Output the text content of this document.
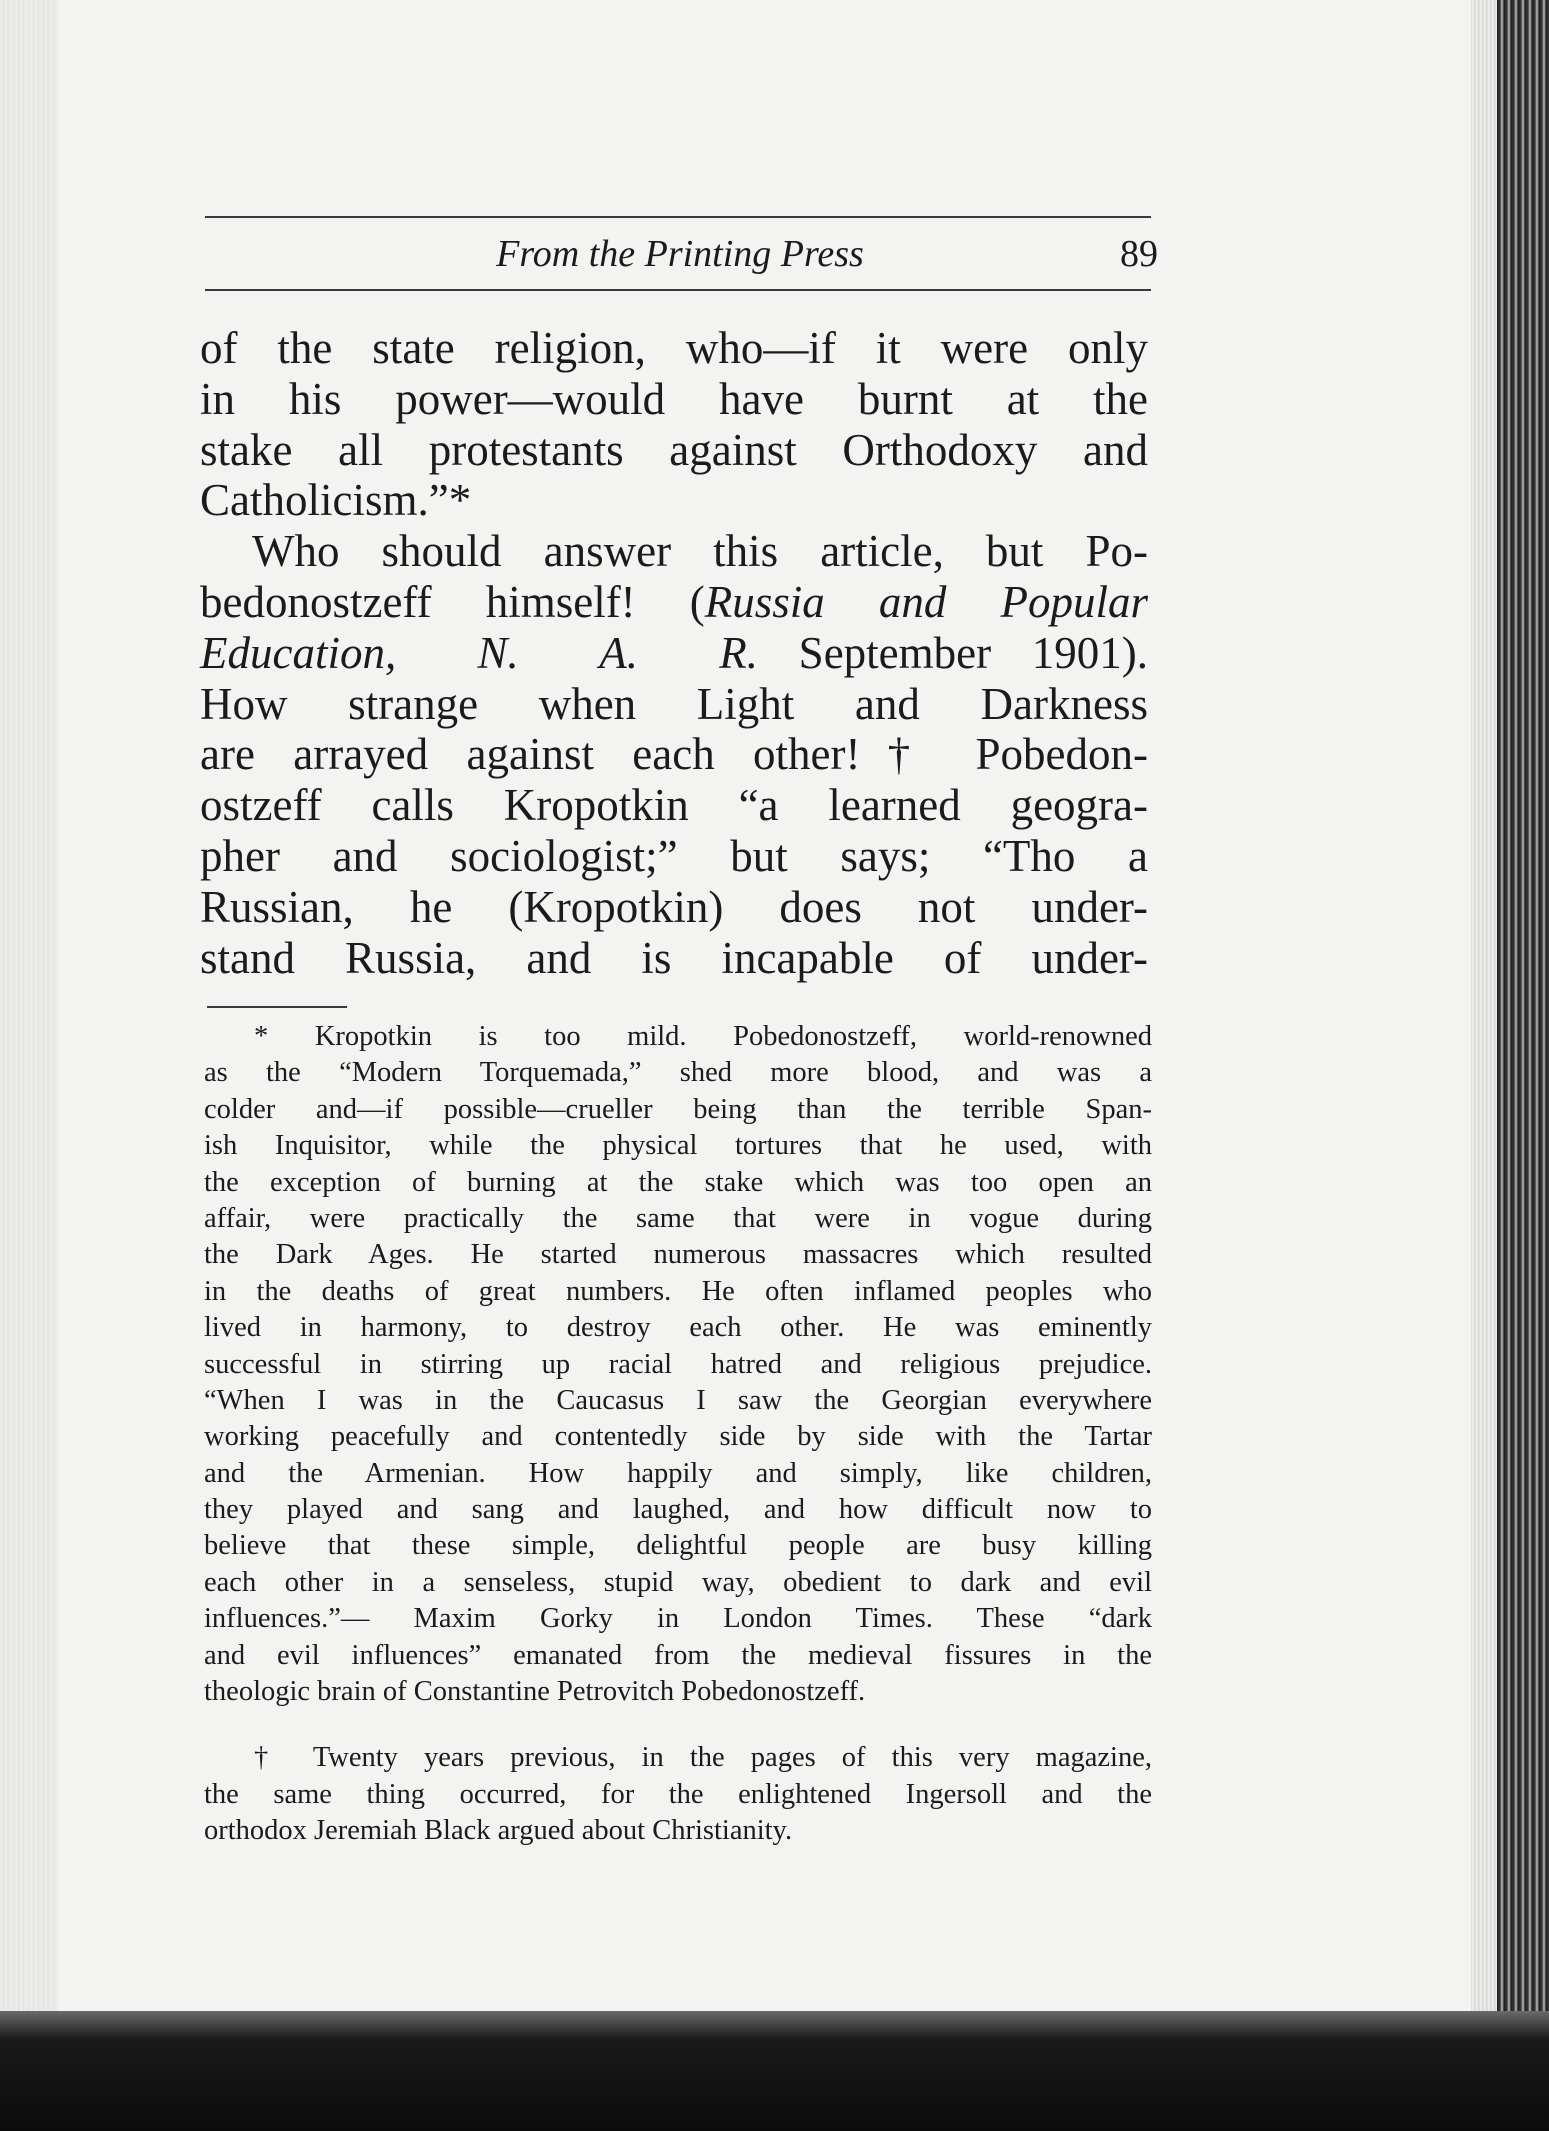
From the Printing Press	89
of the state religion, who—if it were only
in his power—would have burnt at the
stake all protestants against Orthodoxy and
Catholicism.”*
Who should answer this article, but Po-
bedonostzeff himself! (Russia and Popular
Education,  N.  A.  R. September 1901).
How strange when Light and Darkness
are arrayed against each other!† Pobedon-
ostzeff calls Kropotkin “a learned geogra-
pher and sociologist;” but says; “Tho a
Russian, he (Kropotkin) does not under-
stand Russia, and is incapable of under-
* Kropotkin is too mild. Pobedonostzeff, world-renowned
as the “Modern Torquemada,” shed more blood, and was a
colder and—if possible—crueller being than the terrible Span-
ish Inquisitor, while the physical tortures that he used, with
the exception of burning at the stake which was too open an
affair, were practically the same that were in vogue during
the Dark Ages. He started numerous massacres which resulted
in the deaths of great numbers. He often inflamed peoples who
lived in harmony, to destroy each other. He was eminently
successful in stirring up racial hatred and religious prejudice.
“When I was in the Caucasus I saw the Georgian everywhere
working peacefully and contentedly side by side with the Tartar
and the Armenian. How happily and simply, like children,
they played and sang and laughed, and how difficult now to
believe that these simple, delightful people are busy killing
each other in a senseless, stupid way, obedient to dark and evil
influences.”— Maxim Gorky in London Times. These “dark
and evil influences” emanated from the medieval fissures in the
theologic brain of Constantine Petrovitch Pobedonostzeff.
† Twenty years previous, in the pages of this very magazine,
the same thing occurred, for the enlightened Ingersoll and the
orthodox Jeremiah Black argued about Christianity.
